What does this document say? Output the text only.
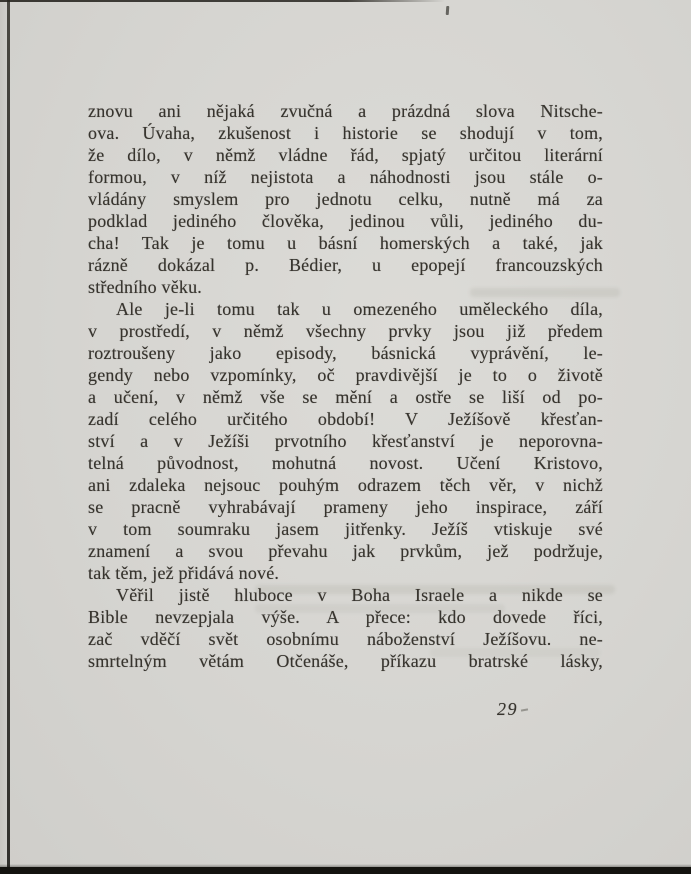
znovu ani nějaká zvučná a prázdná slova Nitsche-
ova. Úvaha, zkušenost i historie se shodují v tom,
že dílo, v němž vládne řád, spjatý určitou literární
formou, v níž nejistota a náhodnosti jsou stále o-
vládány smyslem pro jednotu celku, nutně má za
podklad jediného člověka, jedinou vůli, jediného du-
cha! Tak je tomu u básní homerských a také, jak
rázně dokázal p. Bédier, u epopejí francouzských
středního věku.
Ale je-li tomu tak u omezeného uměleckého díla,
v prostředí, v němž všechny prvky jsou již předem
roztroušeny jako episody, básnická vyprávění, le-
gendy nebo vzpomínky, oč pravdivější je to o životě
a učení, v němž vše se mění a ostře se liší od po-
zadí celého určitého období! V Ježíšově křesťan-
ství a v Ježíši prvotního křesťanství je neporovna-
telná původnost, mohutná novost. Učení Kristovo,
ani zdaleka nejsouc pouhým odrazem těch věr, v nichž
se pracně vyhrabávají prameny jeho inspirace, září
v tom soumraku jasem jitřenky. Ježíš vtiskuje své
znamení a svou převahu jak prvkům, jež podržuje,
tak těm, jež přidává nové.
Věřil jistě hluboce v Boha Israele a nikde se
Bible nevzepjala výše. A přece: kdo dovede říci,
zač vděčí svět osobnímu náboženství Ježíšovu. ne-
smrtelným větám Otčenáše, příkazu bratrské lásky,
29
